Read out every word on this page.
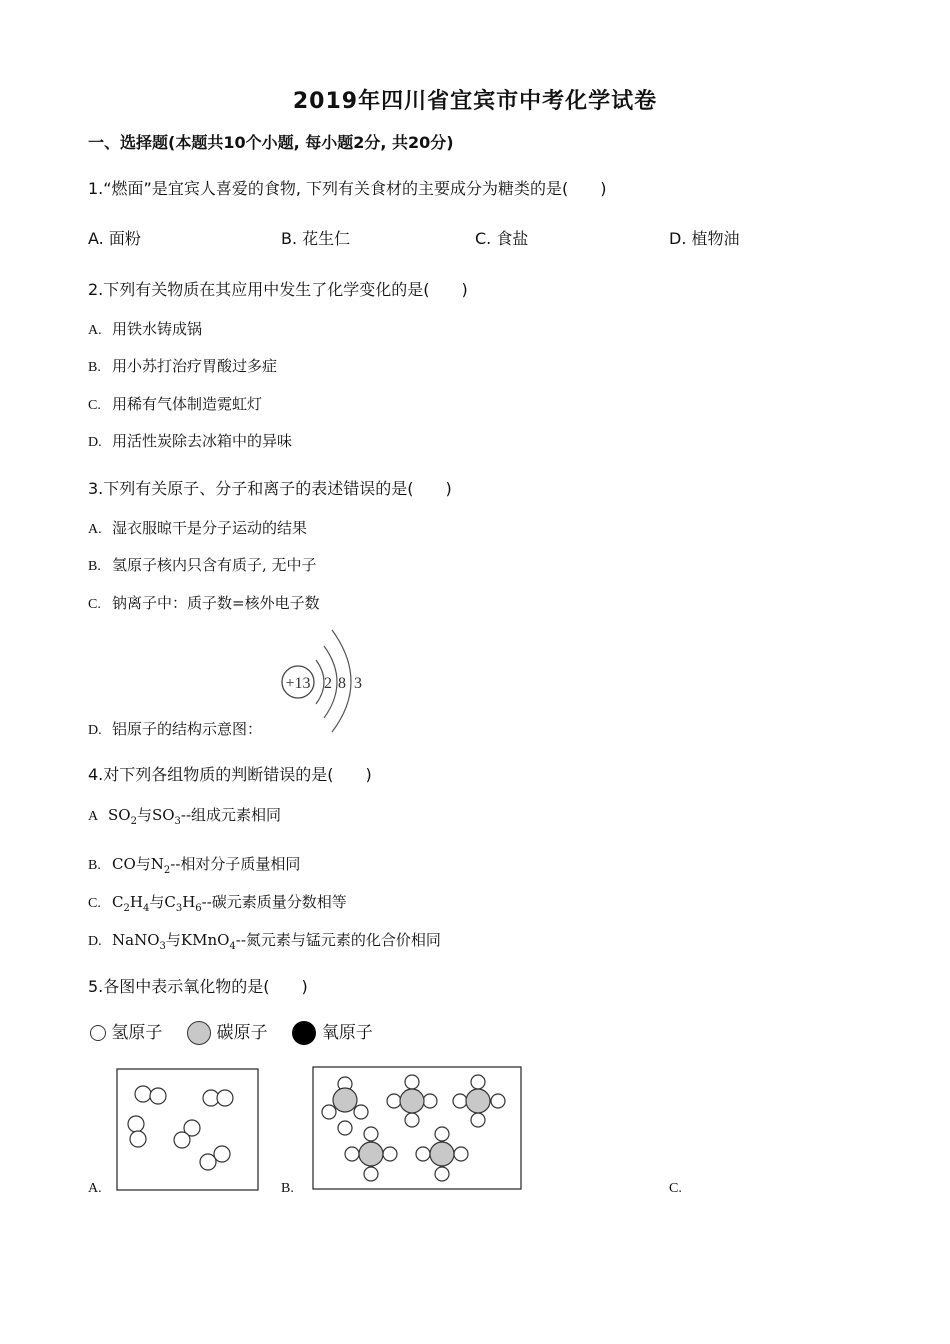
2019年四川省宜宾市中考化学试卷
一、选择题(本题共10个小题, 每小题2分, 共20分)
1.“燃面”是宜宾人喜爱的食物, 下列有关食材的主要成分为糖类的是(　　)
A. 面粉	B. 花生仁	C. 食盐	D. 植物油
2.下列有关物质在其应用中发生了化学变化的是(　　)
A. 用铁水铸成锅
B. 用小苏打治疗胃酸过多症
C. 用稀有气体制造霓虹灯
D. 用活性炭除去冰箱中的异味
3.下列有关原子、分子和离子的表述错误的是(　　)
A. 湿衣服晾干是分子运动的结果
B. 氢原子核内只含有质子, 无中子
C. 钠离子中：质子数=核外电子数
+13 2 8 3
D. 铝原子的结构示意图：
4.对下列各组物质的判断错误的是(　　)
A $SO_2$与$SO_3--$组成元素相同
B. CO与$N_2--$相对分子质量相同
C. $C_2H_4$与$C_3H_6--$碳元素质量分数相等
D. NaNO$_3$与KMnO$_4$--氮元素与锰元素的化合价相同
5.各图中表示氧化物的是(　　)
氢原子	碳原子	氧原子
A.	B.	C.
